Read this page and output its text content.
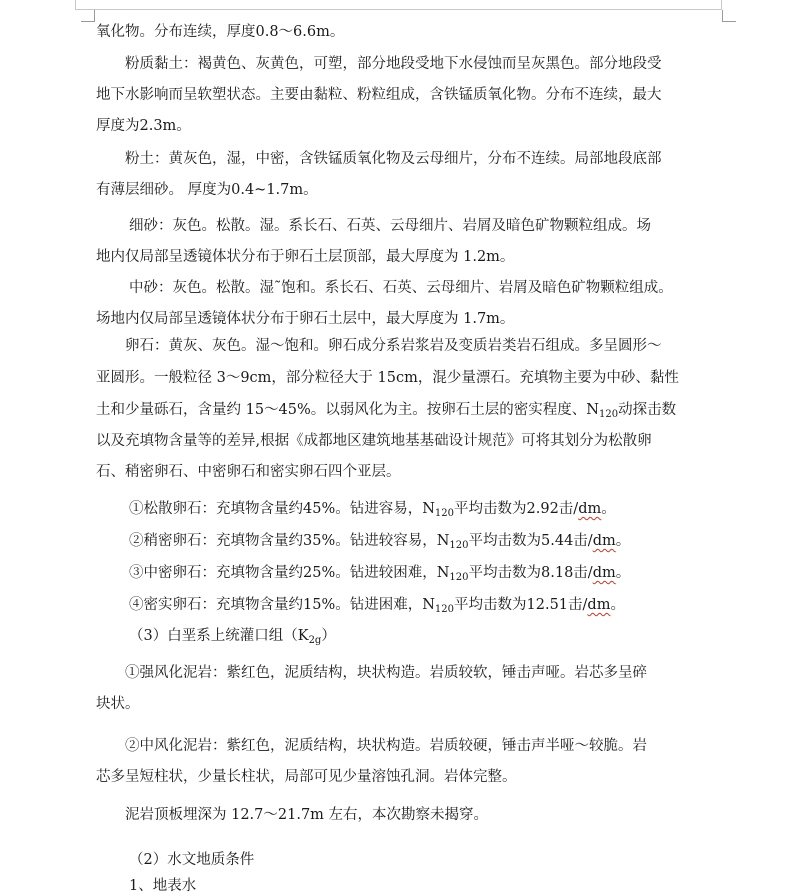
氧化物。分布连续，厚度0.8～6.6m。
粉质黏土：褐黄色、灰黄色，可塑，部分地段受地下水侵蚀而呈灰黑色。部分地段受
地下水影响而呈软塑状态。主要由黏粒、粉粒组成，含铁锰质氧化物。分布不连续，最大
厚度为2.3m。
粉土：黄灰色，湿，中密，含铁锰质氧化物及云母细片，分布不连续。局部地段底部
有薄层细砂。 厚度为0.4~1.7m。
细砂：灰色。松散。湿。系长石、石英、云母细片、岩屑及暗色矿物颗粒组成。场
地内仅局部呈透镜体状分布于卵石土层顶部，最大厚度为 1.2m。
中砂：灰色。松散。湿˜饱和。系长石、石英、云母细片、岩屑及暗色矿物颗粒组成。
场地内仅局部呈透镜体状分布于卵石土层中，最大厚度为 1.7m。
卵石：黄灰、灰色。湿～饱和。卵石成分系岩浆岩及变质岩类岩石组成。多呈圆形～
亚圆形。一般粒径 3～9cm，部分粒径大于 15cm，混少量漂石。充填物主要为中砂、黏性
土和少量砾石，含量约 15～45%。以弱风化为主。按卵石土层的密实程度、$N_{120}$动探击数
以及充填物含量等的差异,根据《成都地区建筑地基基础设计规范》可将其划分为松散卵
石、稍密卵石、中密卵石和密实卵石四个亚层。
①松散卵石：充填物含量约45%。钻进容易，$N_{120}$平均击数为2.92击/dm。
②稍密卵石：充填物含量约35%。钻进较容易，$N_{120}$平均击数为5.44击/dm。
③中密卵石：充填物含量约25%。钻进较困难，$N_{120}$平均击数为8.18击/dm。
④密实卵石：充填物含量约15%。钻进困难，$N_{120}$平均击数为12.51击/dm。
（3）白垩系上统灌口组$(K_{2g})$
①强风化泥岩：紫红色，泥质结构，块状构造。岩质较软，锤击声哑。岩芯多呈碎
块状。
②中风化泥岩：紫红色，泥质结构，块状构造。岩质较硬，锤击声半哑～较脆。岩
芯多呈短柱状，少量长柱状，局部可见少量溶蚀孔洞。岩体完整。
泥岩顶板埋深为 12.7～21.7m 左右，本次勘察未揭穿。
（2）水文地质条件
1、地表水
